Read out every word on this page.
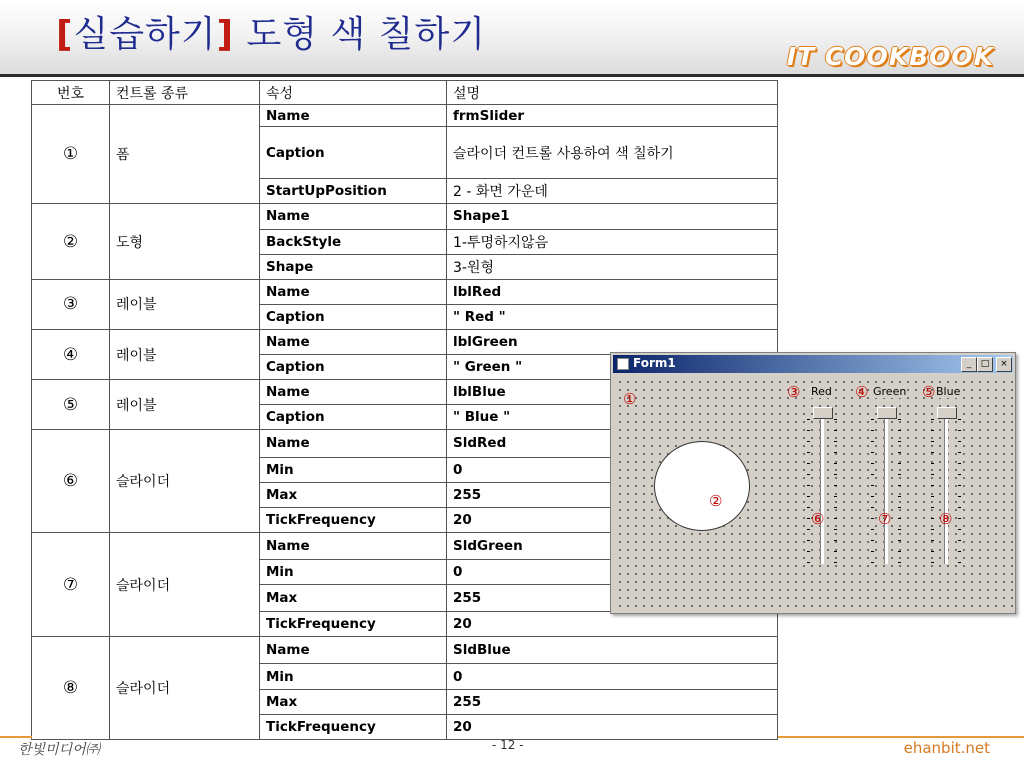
[실습하기] 도형 색 칠하기
IT COOKBOOK
번호	컨트롤 종류	속성	설명
①	폼	Name	frmSlider
		Caption	슬라이더 컨트롤 사용하여 색 칠하기
		StartUpPosition	2 - 화면 가운데
②	도형	Name	Shape1
		BackStyle	1-투명하지않음
		Shape	3-원형
③	레이블	Name	lblRed
		Caption	" Red "
④	레이블	Name	lblGreen
		Caption	" Green "
⑤	레이블	Name	lblBlue
		Caption	" Blue "
⑥	슬라이더	Name	SldRed
		Min	0
		Max	255
		TickFrequency	20
⑦	슬라이더	Name	SldGreen
		Min	0
		Max	255
		TickFrequency	20
⑧	슬라이더	Name	SldBlue
		Min	0
		Max	255
		TickFrequency	20
Form1	_	□	×
①
②
③ Red ④ Green ⑤ Blue
⑥	⑦	⑧
한빛미디어㈜	- 12 -	ehanbit.net
